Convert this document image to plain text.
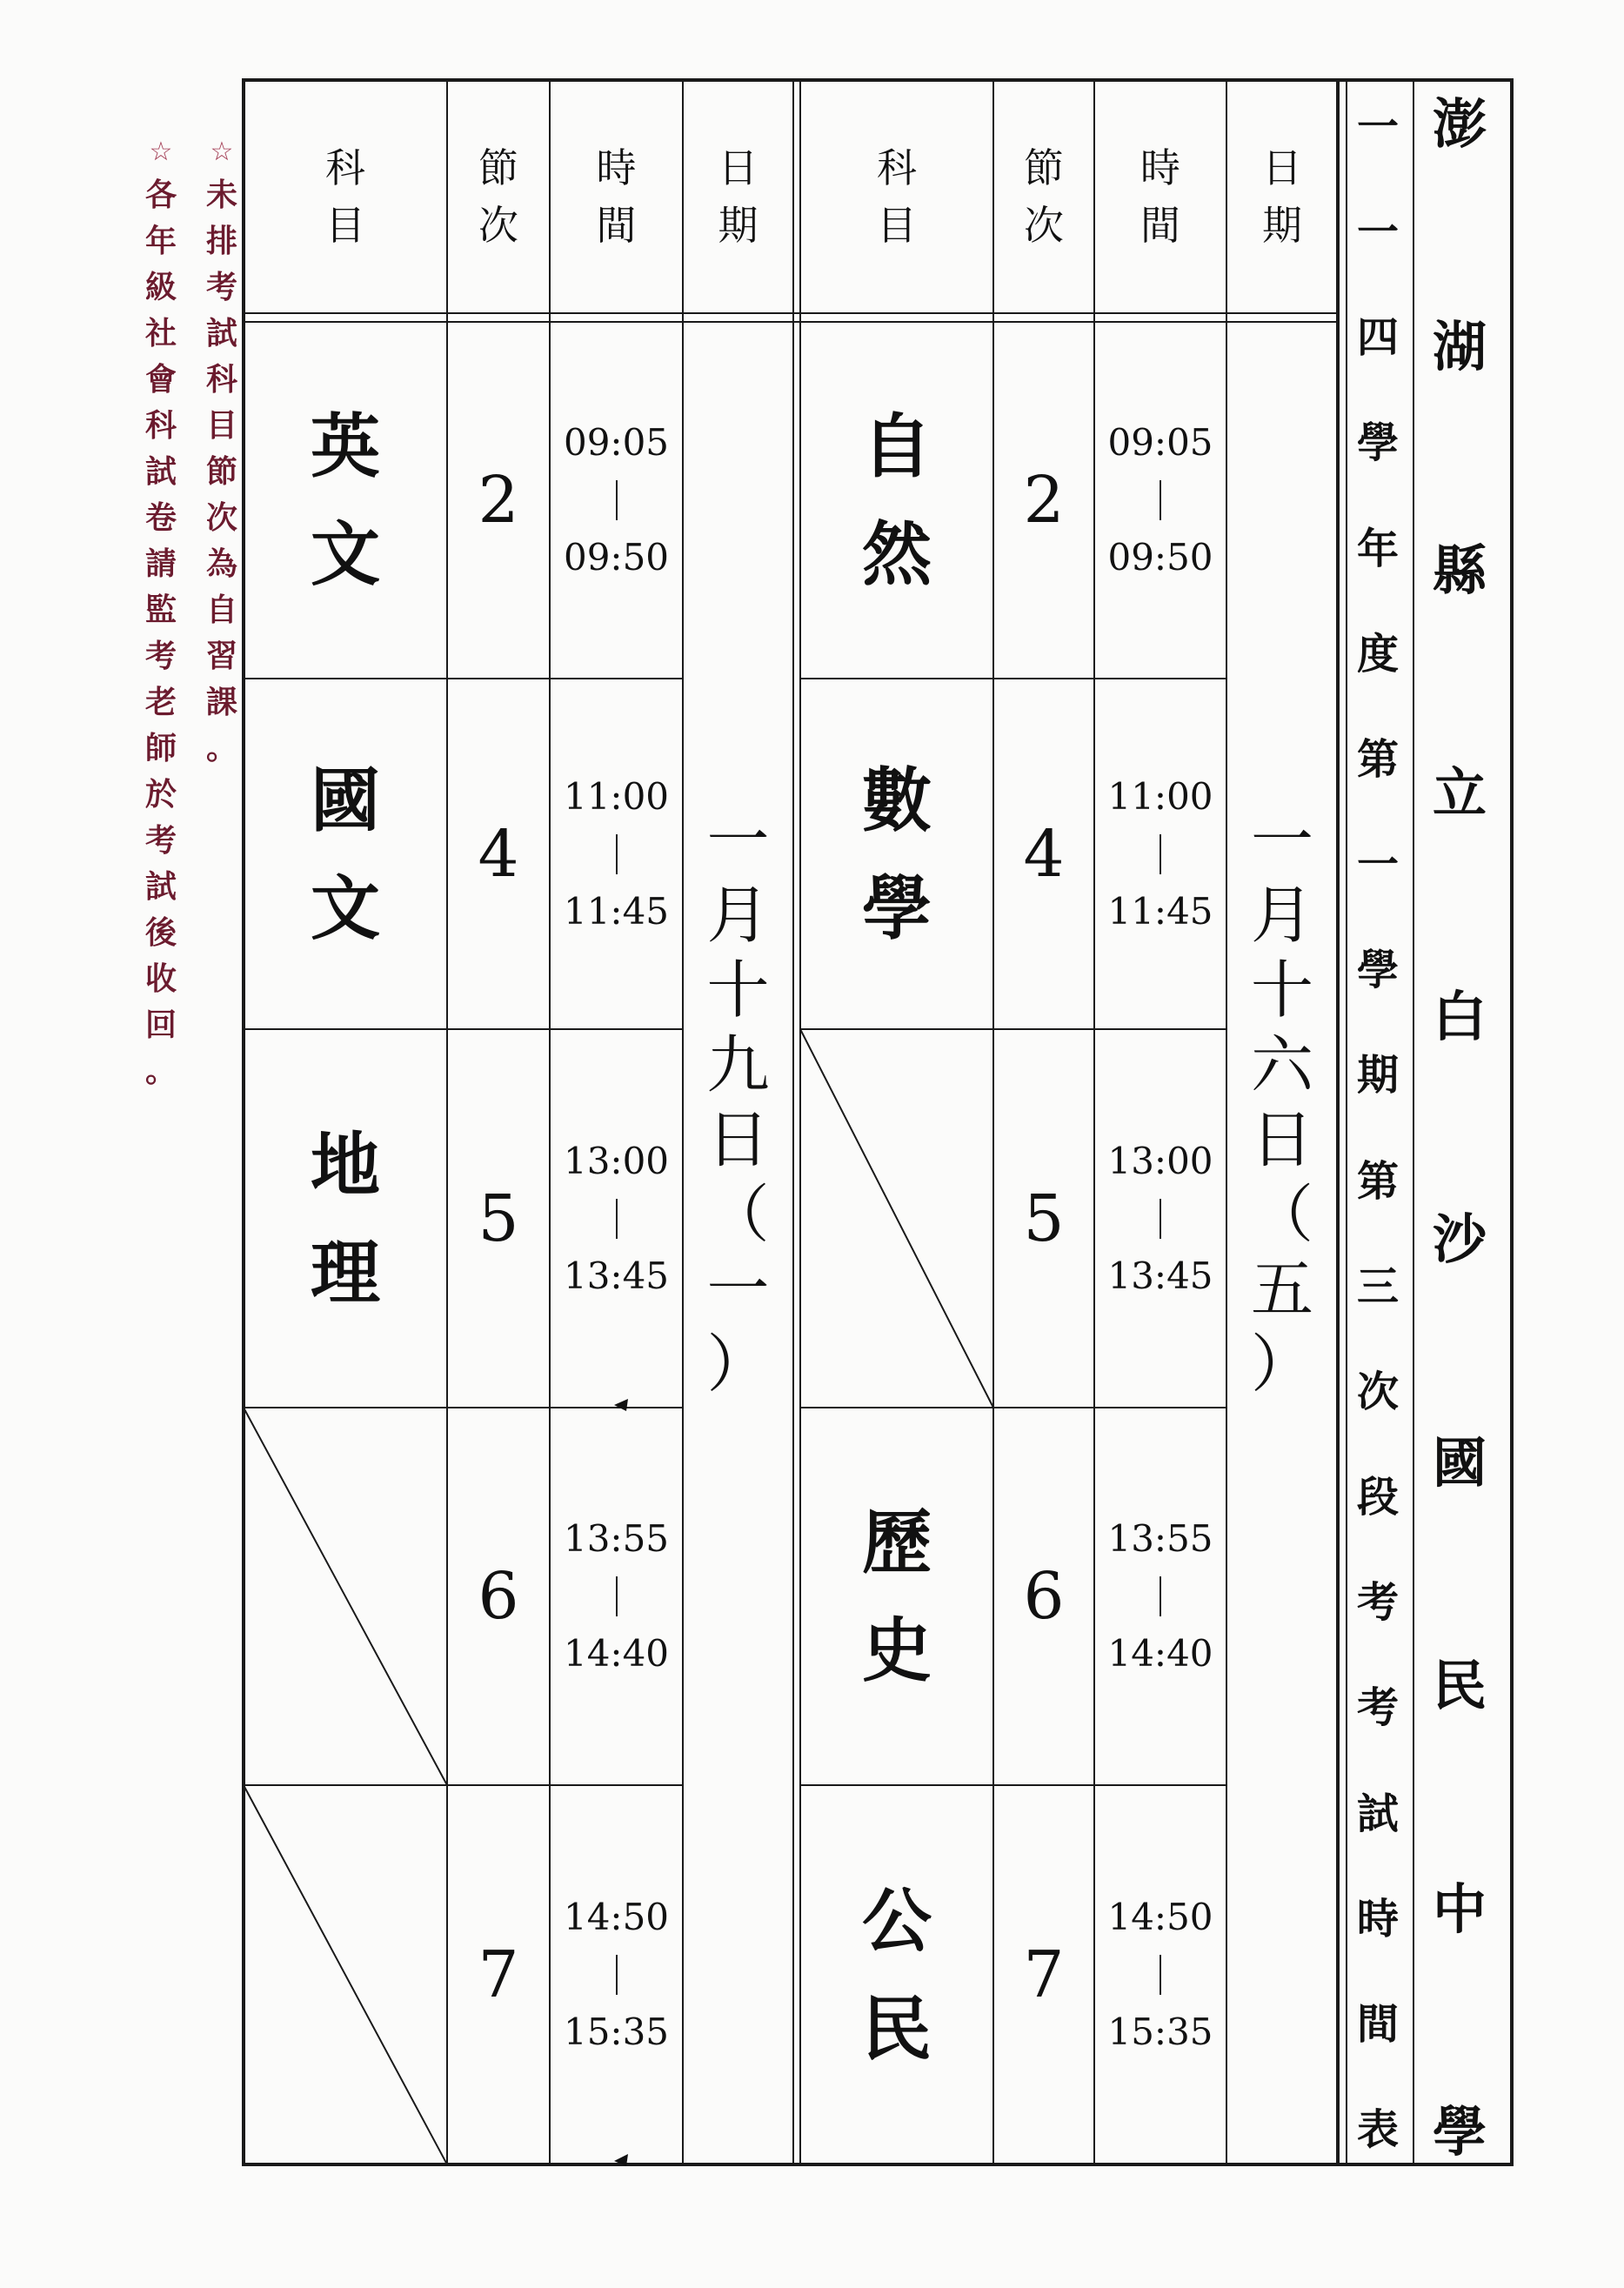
澎
湖
縣
立
白
沙
國
民
中
學
一
一
四
學
年
度
第
一
學
期
第
三
次
段
考
考
試
時
間
表
日
期
時
間
節
次
科
目
日
期
時
間
節
次
科
目
一
月
十
六
日
（
五
）
一
月
十
九
日
（
一
）
自
然
2
09:05
09:50
數
學
4
11:00
11:45
5
13:00
13:45
歷
史
6
13:55
14:40
公
民
7
14:50
15:35
英
文
2
09:05
09:50
國
文
4
11:00
11:45
地
理
5
13:00
13:45
6
13:55
14:40
7
14:50
15:35
☆
未
排
考
試
科
目
節
次
為
自
習
課
。
☆
各
年
級
社
會
科
試
卷
請
監
考
老
師
於
考
試
後
收
回
。
